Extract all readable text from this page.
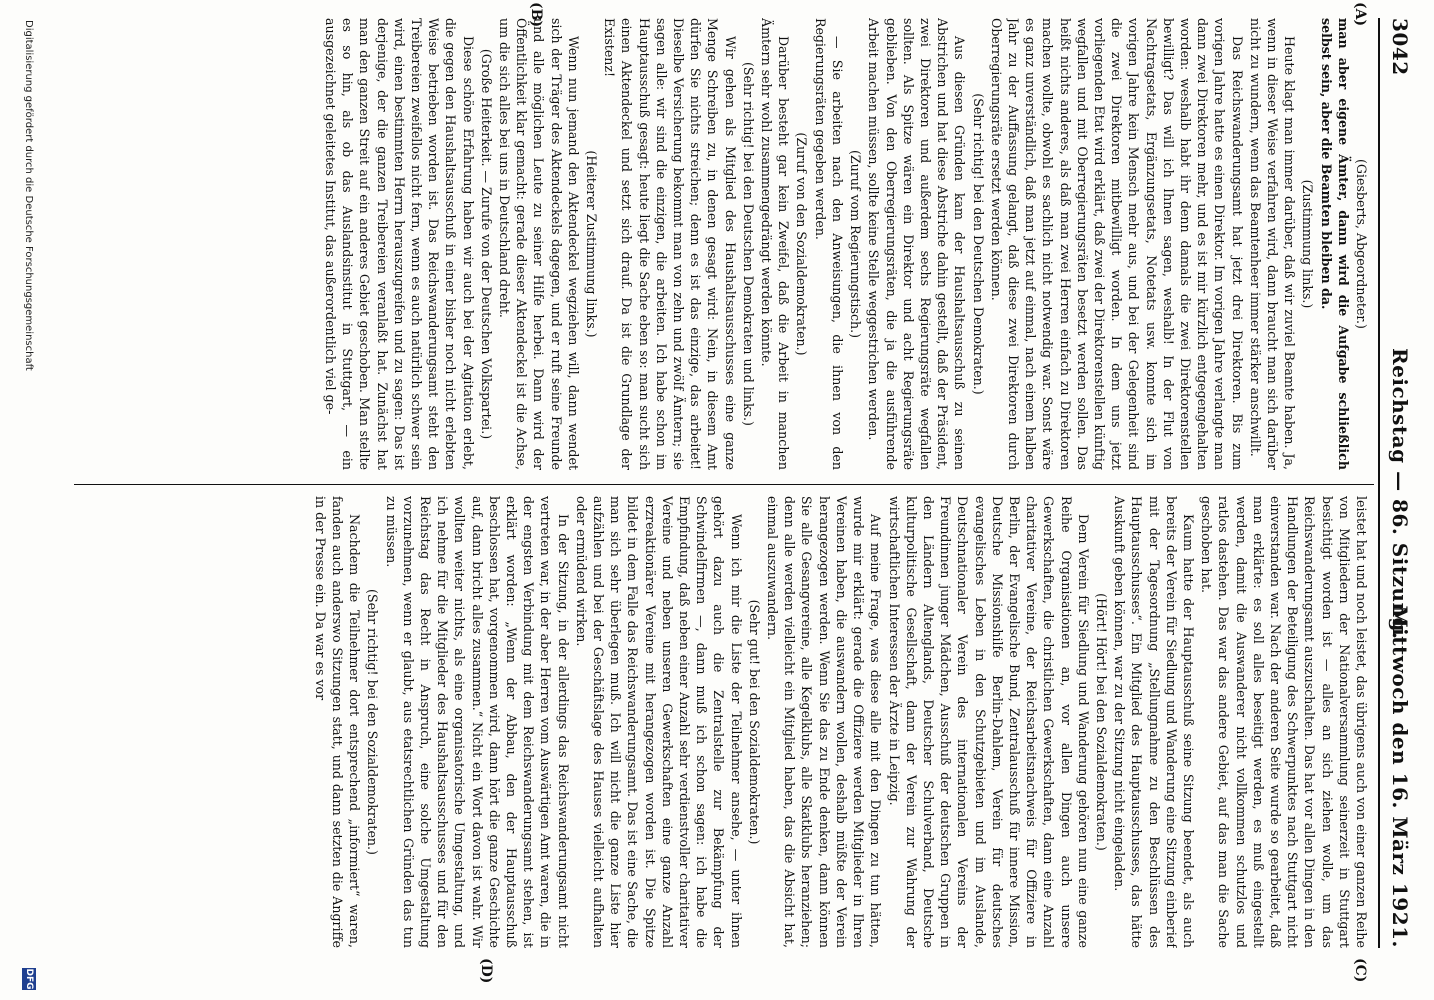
3042
Reichstag — 86. Sitzung.
Mittwoch den 16. März 1921.
(A)
(B)
(C)
(D)

(Giesberts, Abgeordneter.)

man aber eigene Ämter, dann wird die Aufgabe schließlich selbst sein, aber die Beamten bleiben da.

(Zustimmung links.)

Heute klagt man immer darüber, daß wir zuviel Beamte haben. Ja, wenn in dieser Weise verfahren wird, dann braucht man sich darüber nicht zu wundern, wenn das Beamtenheer immer stärker anschwillt.

Das Reichswanderungsamt hat jetzt drei Direktoren. Bis zum vorigen Jahre hatte es einen Direktor. Im vorigen Jahre verlangte man dann zwei Direktoren mehr, und es ist mir kürzlich entgegengehalten worden: weshalb habt ihr denn damals die zwei Direktorenstellen bewilligt? Das will ich Ihnen sagen, weshalb! In der Flut von Nachtragsetats, Ergänzungsetats, Notetats usw. konnte sich im vorigen Jahre kein Mensch mehr aus, und bei der Gelegenheit sind die zwei Direktoren mitbewilligt worden. In dem uns jetzt vorliegenden Etat wird erklärt, daß zwei der Direktorenstellen künftig wegfallen und mit Oberregierungsräten besetzt werden sollen. Das heißt nichts anderes, als daß man zwei Herren einfach zu Direktoren machen wollte, obwohl es sachlich nicht notwendig war. Sonst wäre es ganz unverständlich, daß man jetzt auf einmal, nach einem halben Jahr zu der Auffassung gelangt, daß diese zwei Direktoren durch Oberregierungsräte ersetzt werden können.

(Sehr richtig! bei den Deutschen Demokraten.)

Aus diesen Gründen kam der Haushaltsausschuß zu seinen Abstrichen und hat diese Abstriche dahin gestellt, daß der Präsident, zwei Direktoren und außerdem sechs Regierungsräte wegfallen sollten. Als Spitze wären ein Direktor und acht Regierungsräte geblieben. Von den Oberregierungsräten, die ja die ausführende Arbeit machen müssen, sollte keine Stelle weggestrichen werden.

(Zuruf vom Regierungstisch.)

— Sie arbeiten nach den Anweisungen, die ihnen von den Regierungsräten gegeben werden.

(Zuruf von den Sozialdemokraten.)

Darüber besteht gar kein Zweifel, daß die Arbeit in manchen Ämtern sehr wohl zusammengedrängt werden könnte.

(Sehr richtig! bei den Deutschen Demokraten und links.)

Wir gehen als Mitglied des Haushaltsausschusses eine ganze Menge Schreiben zu, in denen gesagt wird: Nein, in diesem Amt dürfen Sie nichts streichen; denn es ist das einzige, das arbeitet! Dieselbe Versicherung bekommt man von zehn und zwölf Ämtern; sie sagen alle: wir sind die einzigen, die arbeiten. Ich habe schon im Hauptausschuß gesagt: heute liegt die Sache eben so: man sucht sich einen Aktendeckel und setzt sich drauf. Da ist die Grundlage der Existenz!

(Heiterer Zustimmung links.)

Wenn nun jemand den Aktendeckel wegziehen will, dann wendet sich der Träger des Aktendeckels dagegen, und er ruft seine Freunde und alle möglichen Leute zu seiner Hilfe herbei. Dann wird der Öffentlichkeit klar gemacht: gerade dieser Aktendeckel ist die Achse, um die sich alles bei uns in Deutschland dreht.

(Große Heiterkeit. — Zurufe von der Deutschen Volkspartei.)

Diese schöne Erfahrung haben wir auch bei der Agitation erlebt, die gegen den Haushaltsausschuß in einer bisher noch nicht erlebten Weise betrieben worden ist. Das Reichswanderungsamt steht den Treibereien zweifellos nicht fern, wenn es auch natürlich schwer sein wird, einen bestimmten Herrn herauszugreifen und zu sagen: Das ist derjenige, der die ganzen Treibereien veranlaßt hat. Zunächst hat man den ganzen Streit auf ein anderes Gebiet geschoben. Man stellte es so hin, als ob das Auslandsinstitut in Stuttgart, — ein ausgezeichnet geleitetes Institut, das außerordentlich viel ge-

leistet hat und noch leistet, das übrigens auch von einer ganzen Reihe von Mitgliedern der Nationalversammlung seinerzeit in Stuttgart besichtigt worden ist — alles an sich ziehen wolle, um das Reichswanderungsamt auszuschalten. Das hat vor allen Dingen in den Handlungen der Beteiligung des Schwerpunktes nach Stuttgart nicht einverstanden war. Nach der anderen Seite wurde so gearbeitet, daß man erklärte: es soll alles beseitigt werden, es muß eingestellt werden, damit die Auswanderer nicht vollkommen schutzlos und ratlos dastehen. Das war das andere Gebiet, auf das man die Sache geschoben hat.

Kaum hatte der Hauptausschuß seine Sitzung beendet, als auch bereits der Verein für Siedlung und Wanderung eine Sitzung einberief mit der Tagesordnung „Stellungnahme zu den Beschlüssen des Hauptausschusses“. Ein Mitglied des Hauptausschusses, das hätte Auskunft geben können, war zu der Sitzung nicht eingeladen.

(Hört! Hört! bei den Sozialdemokraten.)

Dem Verein für Siedlung und Wanderung gehören nun eine ganze Reihe Organisationen an, vor allen Dingen auch unsere Gewerkschaften, die christlichen Gewerkschaften, dann eine Anzahl charitativer Vereine, der Reichsarbeitsnachweis für Offiziere in Berlin, der Evangelische Bund, Zentralausschuß für innere Mission, Deutsche Missionshilfe Berlin-Dahlem, Verein für deutsches evangelisches Leben in den Schutzgebieten und im Auslande, Deutschnationaler Verein des internationalen Vereins der Freundinnen junger Mädchen, Ausschuß der deutschen Gruppen in den Ländern Altenglands, Deutscher Schulverband, Deutsche kulturpolitische Gesellschaft, dann der Verein zur Wahrung der wirtschaftlichen Interessen der Ärzte in Leipzig.

Auf meine Frage, was diese alle mit den Dingen zu tun hätten, wurde mir erklärt: gerade die Offiziere werden Mitglieder in Ihren Vereinen haben, die auswandern wollen, deshalb müßte der Verein herangezogen werden. Wenn Sie das zu Ende denken, dann können Sie alle Gesangvereine, alle Kegelklubs, alle Skatklubs heranziehen; denn alle werden vielleicht ein Mitglied haben, das die Absicht hat, einmal auszuwandern.

(Sehr gut! bei den Sozialdemokraten.)

Wenn ich mir die Liste der Teilnehmer ansehe, — unter ihnen gehört dazu auch die Zentralstelle zur Bekämpfung der Schwindelfirmen —, dann muß ich schon sagen: ich habe die Empfindung, daß neben einer Anzahl sehr verdienstvoller charitativer Vereine und neben unseren Gewerkschaften eine ganze Anzahl erzreaktionärer Vereine mit herangezogen worden ist. Die Spitze bildet in dem Falle das Reichswanderungsamt. Das ist eine Sache, die man sich sehr überlegen muß. Ich will nicht die ganze Liste hier aufzählen und bei der Geschäftslage des Hauses vielleicht aufhalten oder ermüdend wirken.

In der Sitzung, in der allerdings das Reichswanderungsamt nicht vertreten war, in der aber Herren vom Auswärtigen Amt waren, die in der engsten Verbindung mit dem Reichswanderungsamt stehen, ist erklärt worden: „Wenn der Abbau, den der Hauptausschuß beschlossen hat, vorgenommen wird, dann hört die ganze Geschichte auf, dann bricht alles zusammen.“ Nicht ein Wort davon ist wahr. Wir wollten weiter nichts, als eine organisatorische Umgestaltung, und ich nehme für die Mitglieder des Haushaltsausschusses und für den Reichstag das Recht in Anspruch, eine solche Umgestaltung vorzunehmen, wenn er glaubt, aus etatsrechtlichen Gründen das tun zu müssen.

(Sehr richtig! bei den Sozialdemokraten.)

Nachdem die Teilnehmer dort entsprechend „informiert“ waren, fanden auch anderswo Sitzungen statt, und dann setzten die Angriffe in der Presse ein. Da war es vor

Digitalisierung gefördert durch die Deutsche Forschungsgemeinschaft
DFG
